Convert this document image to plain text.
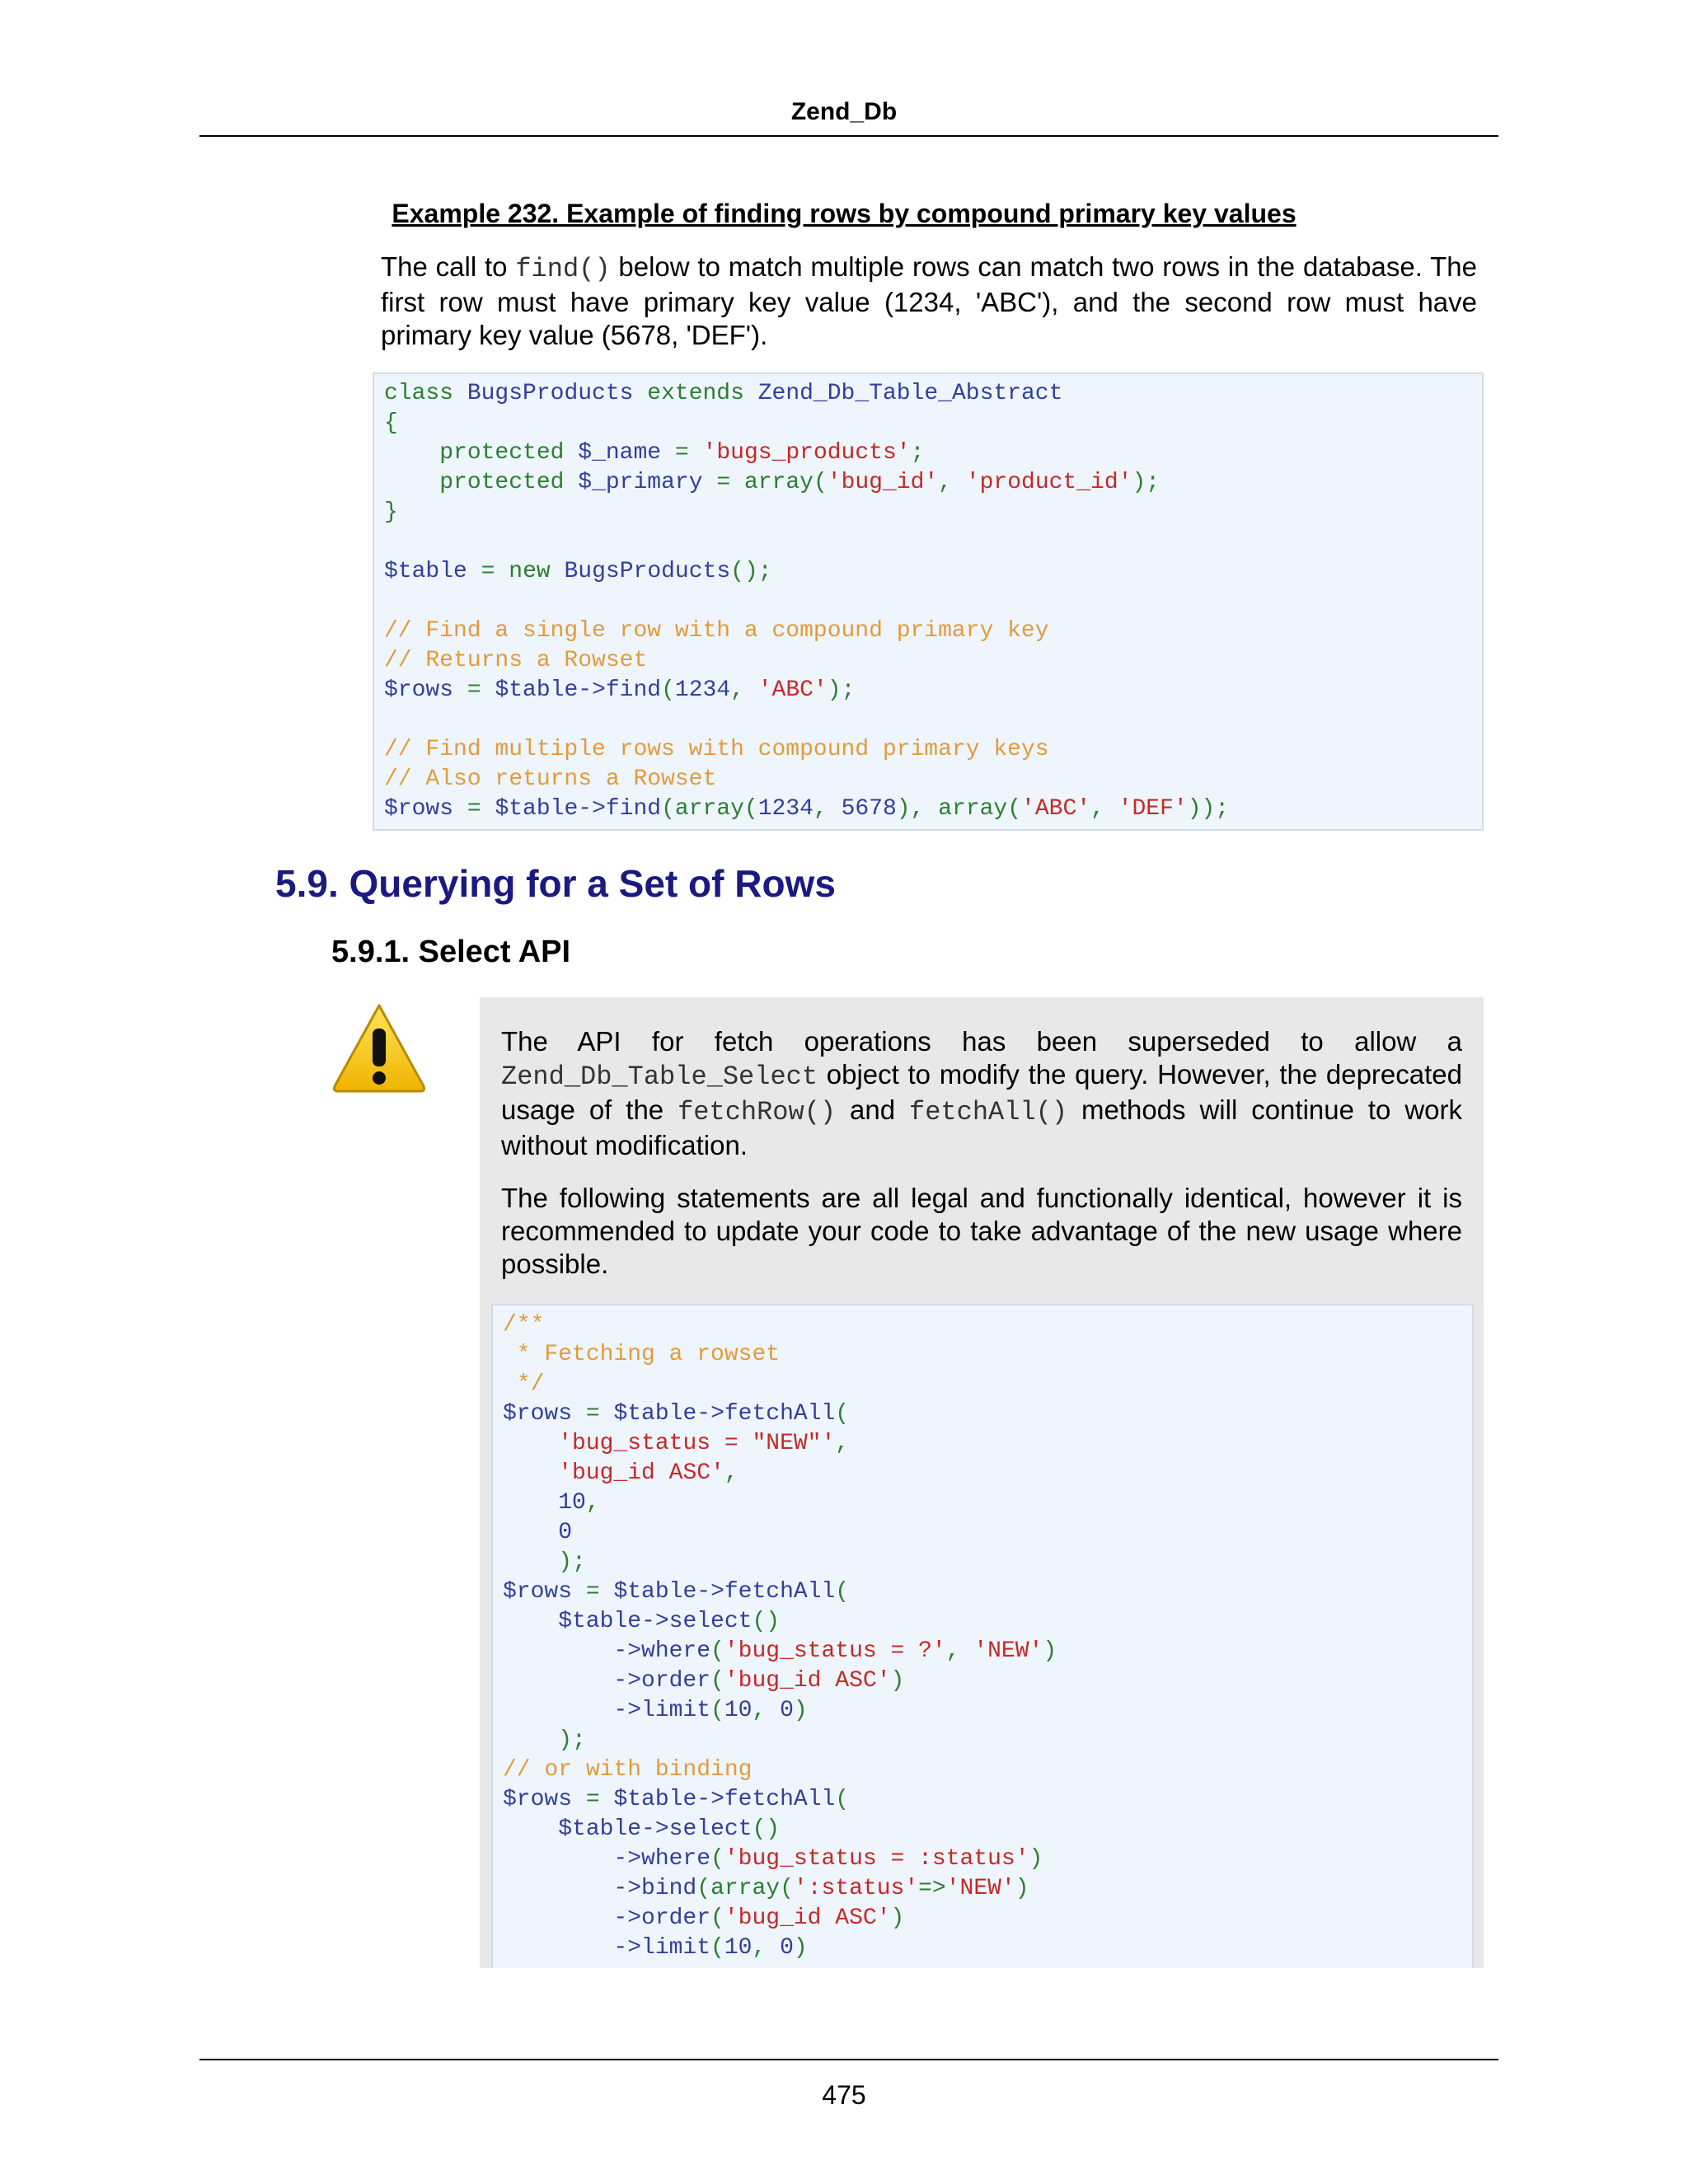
Zend_Db
Example 232. Example of finding rows by compound primary key values
The call to find() below to match multiple rows can match two rows in the database. The first row must have primary key value (1234, 'ABC'), and the second row must have primary key value (5678, 'DEF').
class BugsProducts extends Zend_Db_Table_Abstract
{
protected $_name = 'bugs_products';
protected $_primary = array('bug_id', 'product_id');
}

$table = new BugsProducts();

// Find a single row with a compound primary key
// Returns a Rowset
$rows = $table->find(1234, 'ABC');

// Find multiple rows with compound primary keys
// Also returns a Rowset
$rows = $table->find(array(1234, 5678), array('ABC', 'DEF'));
5.9. Querying for a Set of Rows
5.9.1. Select API
The API for fetch operations has been superseded to allow a Zend_Db_Table_Select object to modify the query. However, the deprecated usage of the fetchRow() and fetchAll() methods will continue to work without modification.
The following statements are all legal and functionally identical, however it is recommended to update your code to take advantage of the new usage where possible.
/**
* Fetching a rowset
*/
$rows = $table->fetchAll(
'bug_status = "NEW"',
'bug_id ASC',
10,
0
);
$rows = $table->fetchAll(
$table->select()
->where('bug_status = ?', 'NEW')
->order('bug_id ASC')
->limit(10, 0)
);
// or with binding
$rows = $table->fetchAll(
$table->select()
->where('bug_status = :status')
->bind(array(':status'=>'NEW')
->order('bug_id ASC')
->limit(10, 0)
475
